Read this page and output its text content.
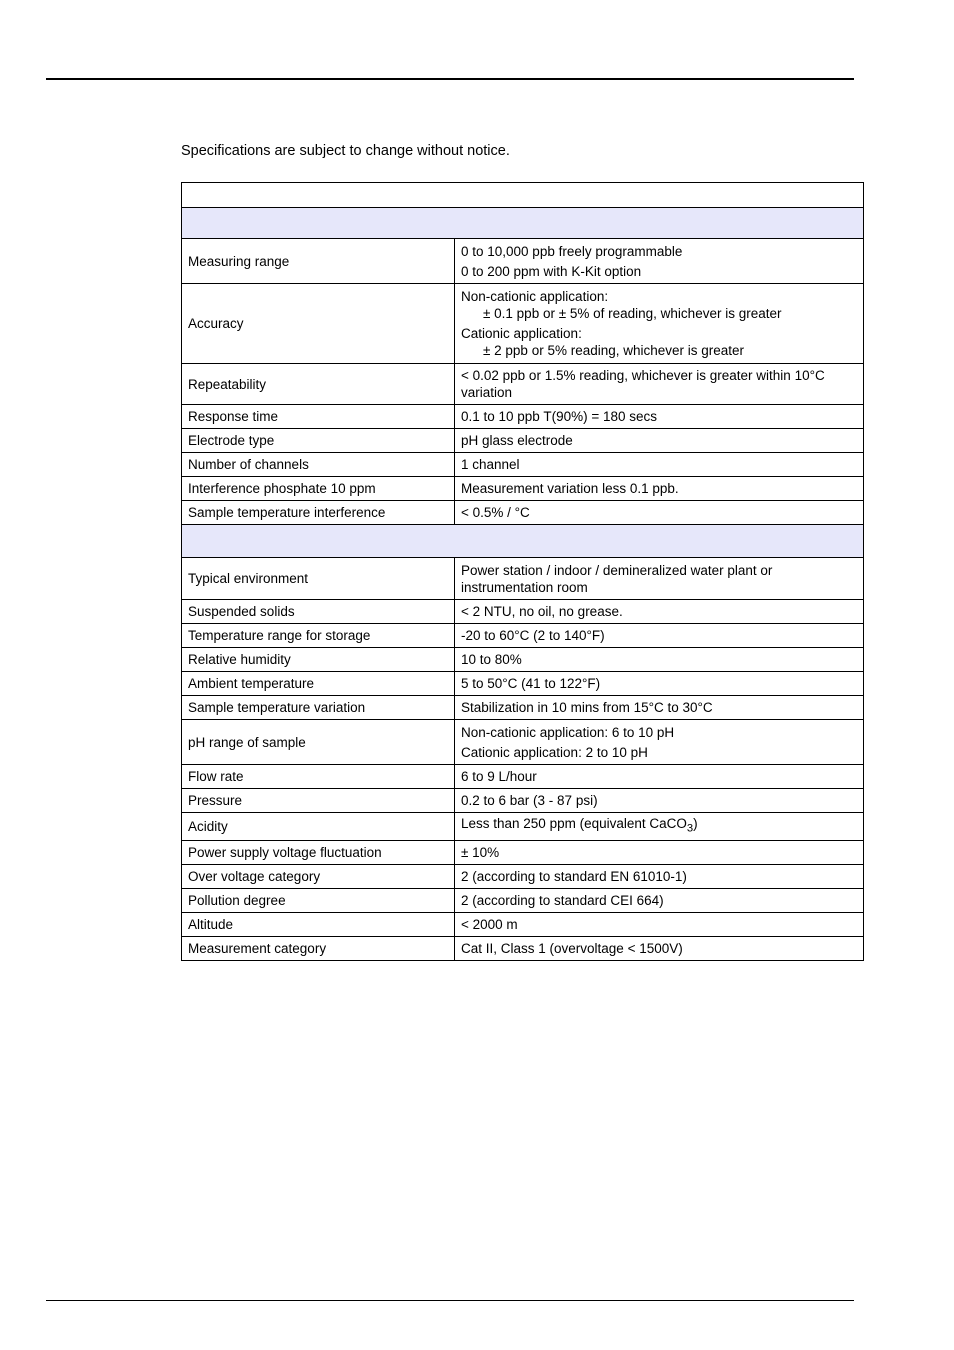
Specifications are subject to change without notice.

Measuring range	0 to 10,000 ppb freely programmable
0 to 200 ppm with K-Kit option

Accuracy	Non-cationic application:
± 0.1 ppb or ± 5% of reading, whichever is greater
Cationic application:
± 2 ppb or 5% reading, whichever is greater

Repeatability	< 0.02 ppb or 1.5% reading, whichever is greater within 10°C variation
Response time	0.1 to 10 ppb T(90%) = 180 secs
Electrode type	pH glass electrode
Number of channels	1 channel
Interference phosphate 10 ppm	Measurement variation less 0.1 ppb.
Sample temperature interference	< 0.5% / °C

Typical environment	Power station / indoor / demineralized water plant or instrumentation room
Suspended solids	< 2 NTU, no oil, no grease.
Temperature range for storage	-20 to 60°C (2 to 140°F)
Relative humidity	10 to 80%
Ambient temperature	5 to 50°C (41 to 122°F)
Sample temperature variation	Stabilization in 10 mins from 15°C to 30°C
pH range of sample	Non-cationic application: 6 to 10 pH
Cationic application: 2 to 10 pH

Flow rate	6 to 9 L/hour
Pressure	0.2 to 6 bar (3 - 87 psi)
Acidity	Less than 250 ppm (equivalent CaCO$_3$)
Power supply voltage fluctuation	± 10%
Over voltage category	2 (according to standard EN 61010-1)
Pollution degree	2 (according to standard CEI 664)
Altitude	< 2000 m
Measurement category	Cat II, Class 1 (overvoltage < 1500V)
